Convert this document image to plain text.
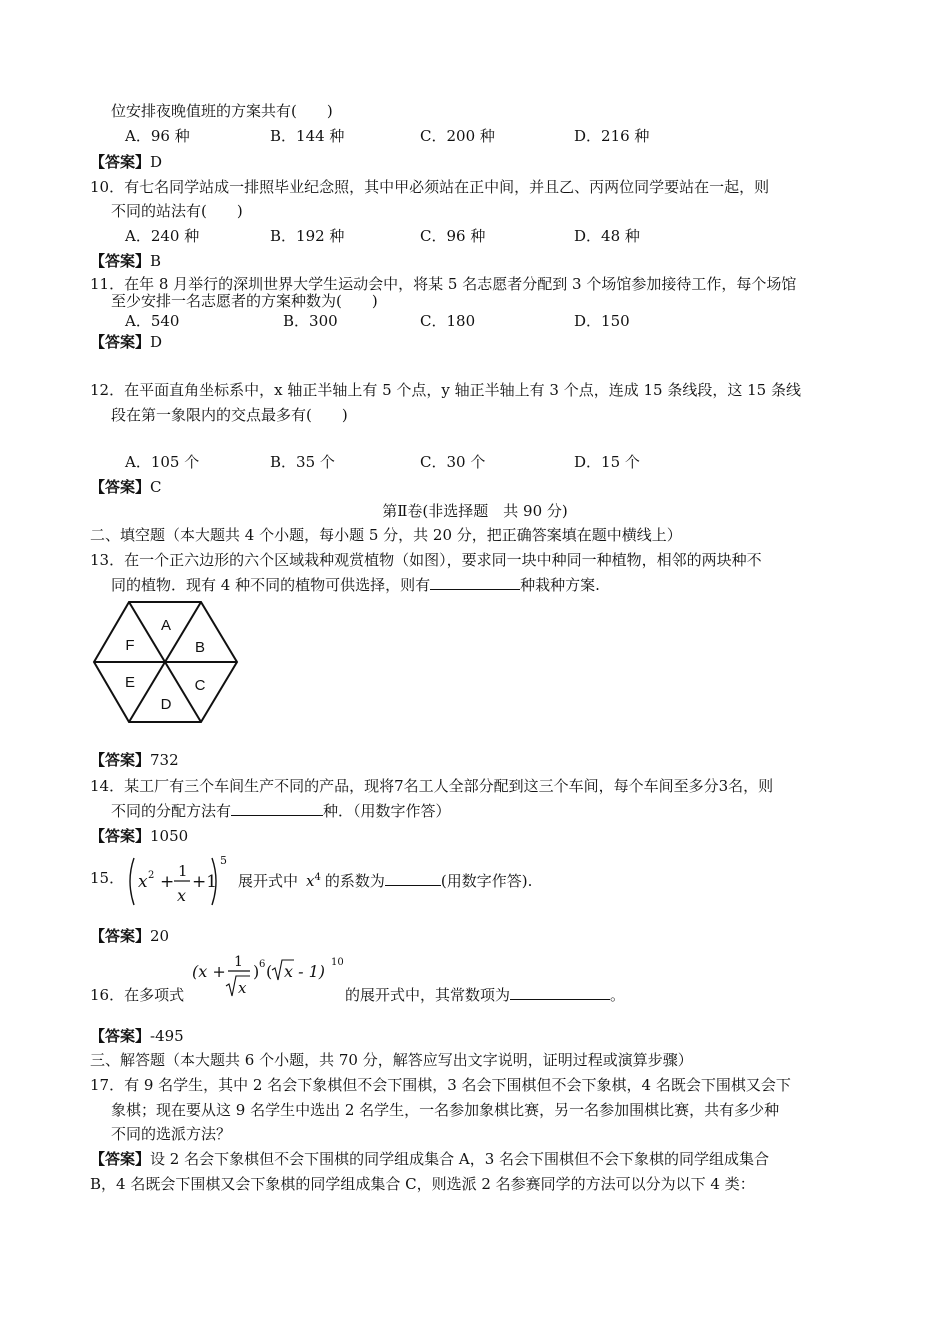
位安排夜晚值班的方案共有(　　)
A．96 种	B．144 种	C．200 种	D．216 种
【答案】D
10．有七名同学站成一排照毕业纪念照，其中甲必须站在正中间，并且乙、丙两位同学要站在一起，则
不同的站法有(　　)
A．240 种	B．192 种	C．96 种	D．48 种
【答案】B
11．在年 8 月举行的深圳世界大学生运动会中，将某 5 名志愿者分配到 3 个场馆参加接待工作，每个场馆
至少安排一名志愿者的方案种数为(　　)
A．540	B．300	C．180	D．150
【答案】D
12．在平面直角坐标系中，x 轴正半轴上有 5 个点，y 轴正半轴上有 3 个点，连成 15 条线段，这 15 条线
段在第一象限内的交点最多有(　　)
A．105 个	B．35 个	C．30 个	D．15 个
【答案】C
第Ⅱ卷(非选择题　共 90 分)
二、填空题（本大题共 4 个小题，每小题 5 分，共 20 分，把正确答案填在题中横线上）
13．在一个正六边形的六个区域栽种观赏植物（如图），要求同一块中种同一种植物，相邻的两块种不
同的植物．现有 4 种不同的植物可供选择，则有	种栽种方案.
A
B
C
D
E
F
【答案】732
14．某工厂有三个车间生产不同的产品，现将7名工人全部分配到这三个车间，每个车间至多分3名，则
不同的分配方法有	种．（用数字作答）
【答案】1050
15． x 2 +
1
x
+1
5
展开式中 $x^4$ 的系数为	(用数字作答).
【答案】20
(x + 1
x
) 6 ( x - 1) 10
16．在多项式	的展开式中，其常数项为	。
【答案】-495
三、解答题（本大题共 6 个小题，共 70 分，解答应写出文字说明，证明过程或演算步骤）
17．有 9 名学生，其中 2 名会下象棋但不会下围棋，3 名会下围棋但不会下象棋，4 名既会下围棋又会下
象棋；现在要从这 9 名学生中选出 2 名学生，一名参加象棋比赛，另一名参加围棋比赛，共有多少种
不同的选派方法？
【答案】设 2 名会下象棋但不会下围棋的同学组成集合 A，3 名会下围棋但不会下象棋的同学组成集合
B，4 名既会下围棋又会下象棋的同学组成集合 C，则选派 2 名参赛同学的方法可以分为以下 4 类：
